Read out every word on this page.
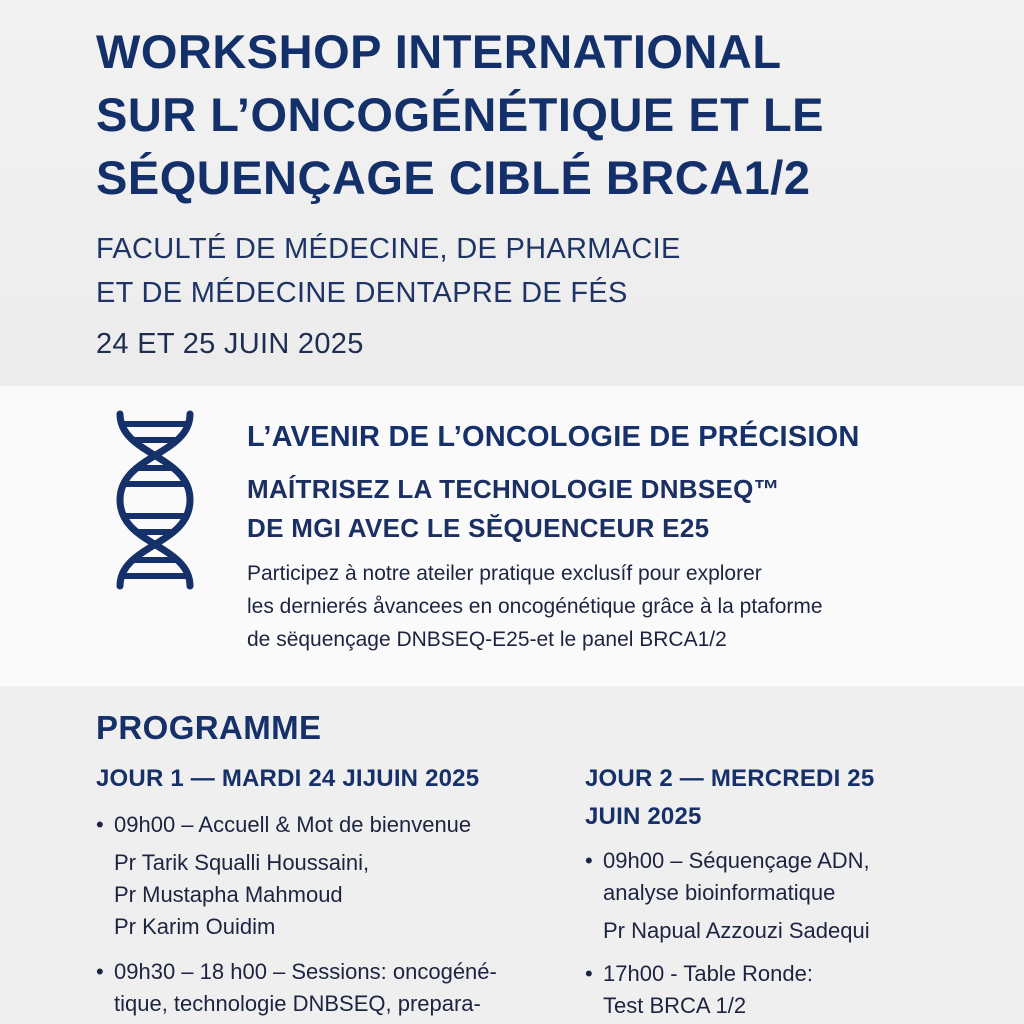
WORKSHOP INTERNATIONAL
SUR L’ONCOGÉNÉTIQUE ET LE
SÉQUENÇAGE CIBLÉ BRCA1/2
FACULTÉ DE MÉDECINE, DE PHARMACIE
ET DE MÉDECINE DENTAPRE DE FÉS
24 ET 25 JUIN 2025
L’AVENIR DE L’ONCOLOGIE DE PRÉCISION
MAÍTRISEZ LA TECHNOLOGIE DNBSEQ™
DE MGI AVEC LE SĔQUENCEUR E25
Participez à notre ateiler pratique exclusíf pour explorer
les dernierés åvancees en oncogénétique grâce à la ptaforme
de sëquençage DNBSEQ-E25-et le panel BRCA1/2
PROGRAMME
JOUR 1 — MARDI 24 JIJUIN 2025
• 09h00 – Accuell & Mot de bienvenue
Pr Tarik Squalli Houssaini,
Pr Mustapha Mahmoud
Pr Karim Ouidim
• 09h30 – 18 h00 – Sessions: oncogéné-
tique, technologie DNBSEQ, prepara-
JOUR 2 — MERCREDI 25
JUIN 2025
• 09h00 – Séquençage ADN,
analyse bioinformatique
Pr Napual Azzouzi Sadequi
• 17h00 - Table Ronde:
Test BRCA 1/2
